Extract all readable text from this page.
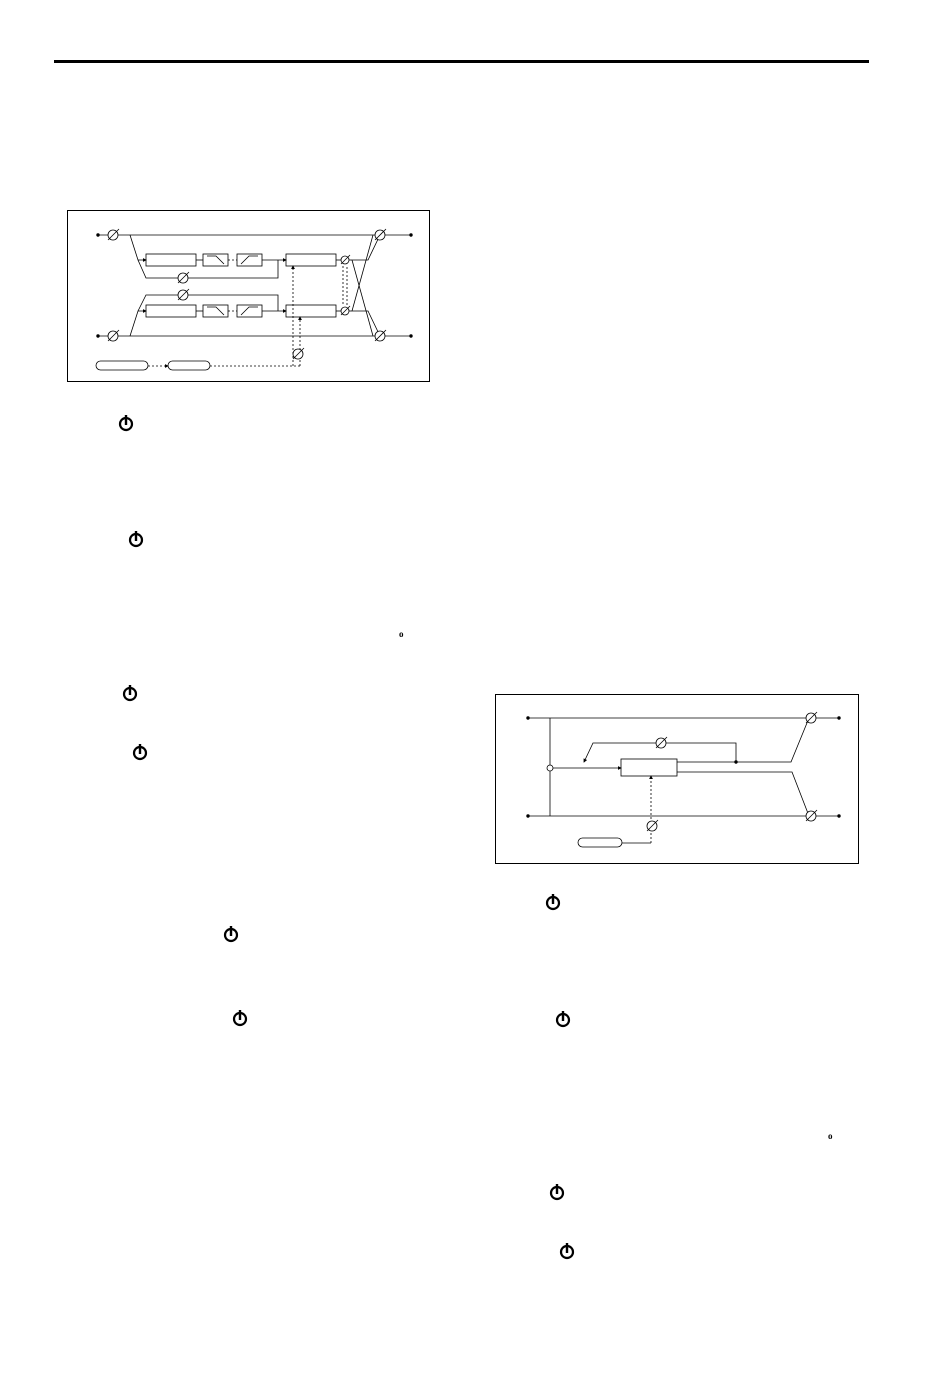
o
o
